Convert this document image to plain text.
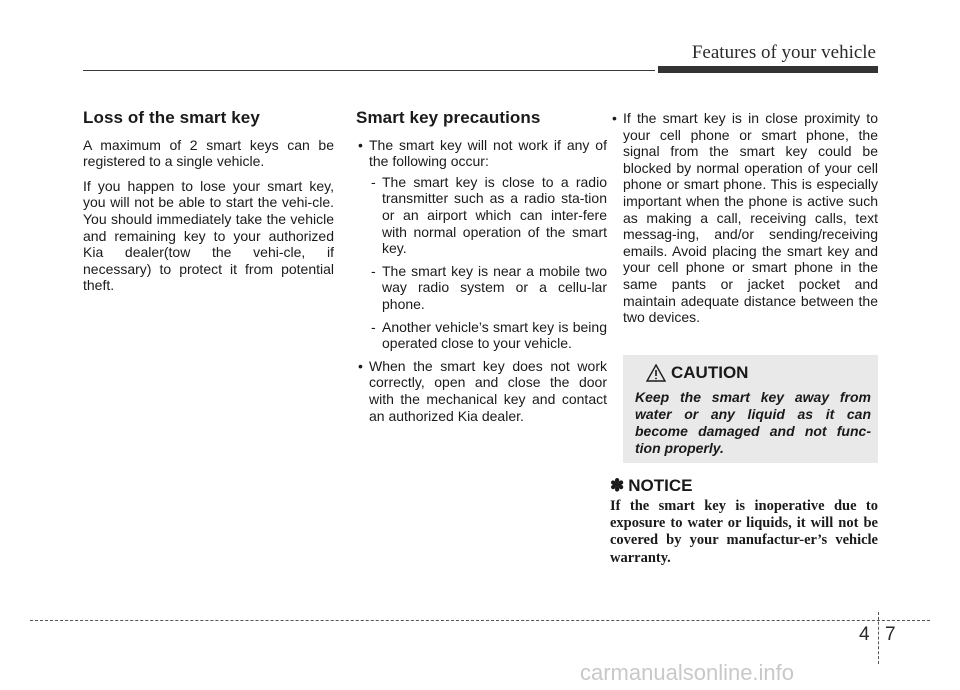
Features of your vehicle
Loss of the smart key

A maximum of 2 smart keys can be registered to a single vehicle.

If you happen to lose your smart key, you will not be able to start the vehi-cle. You should immediately take the vehicle and remaining key to your authorized Kia dealer(tow the vehi-cle, if necessary) to protect it from potential theft.

Smart key precautions
• The smart key will not work if any of the following occur:
- The smart key is close to a radio transmitter such as a radio sta-tion or an airport which can inter-fere with normal operation of the smart key.
- The smart key is near a mobile two way radio system or a cellu-lar phone.
- Another vehicle’s smart key is being operated close to your vehicle.
• When the smart key does not work correctly, open and close the door with the mechanical key and contact an authorized Kia dealer.
• If the smart key is in close proximity to your cell phone or smart phone, the signal from the smart key could be blocked by normal operation of your cell phone or smart phone. This is especially important when the phone is active such as making a call, receiving calls, text messag-ing, and/or sending/receiving emails. Avoid placing the smart key and your cell phone or smart phone in the same pants or jacket pocket and maintain adequate distance between the two devices.
CAUTION
Keep the smart key away from water or any liquid as it can become damaged and not func-tion properly.
✽ NOTICE
If the smart key is inoperative due to exposure to water or liquids, it will not be covered by your manufactur-er’s vehicle warranty.
4 7
carmanualsonline.info
